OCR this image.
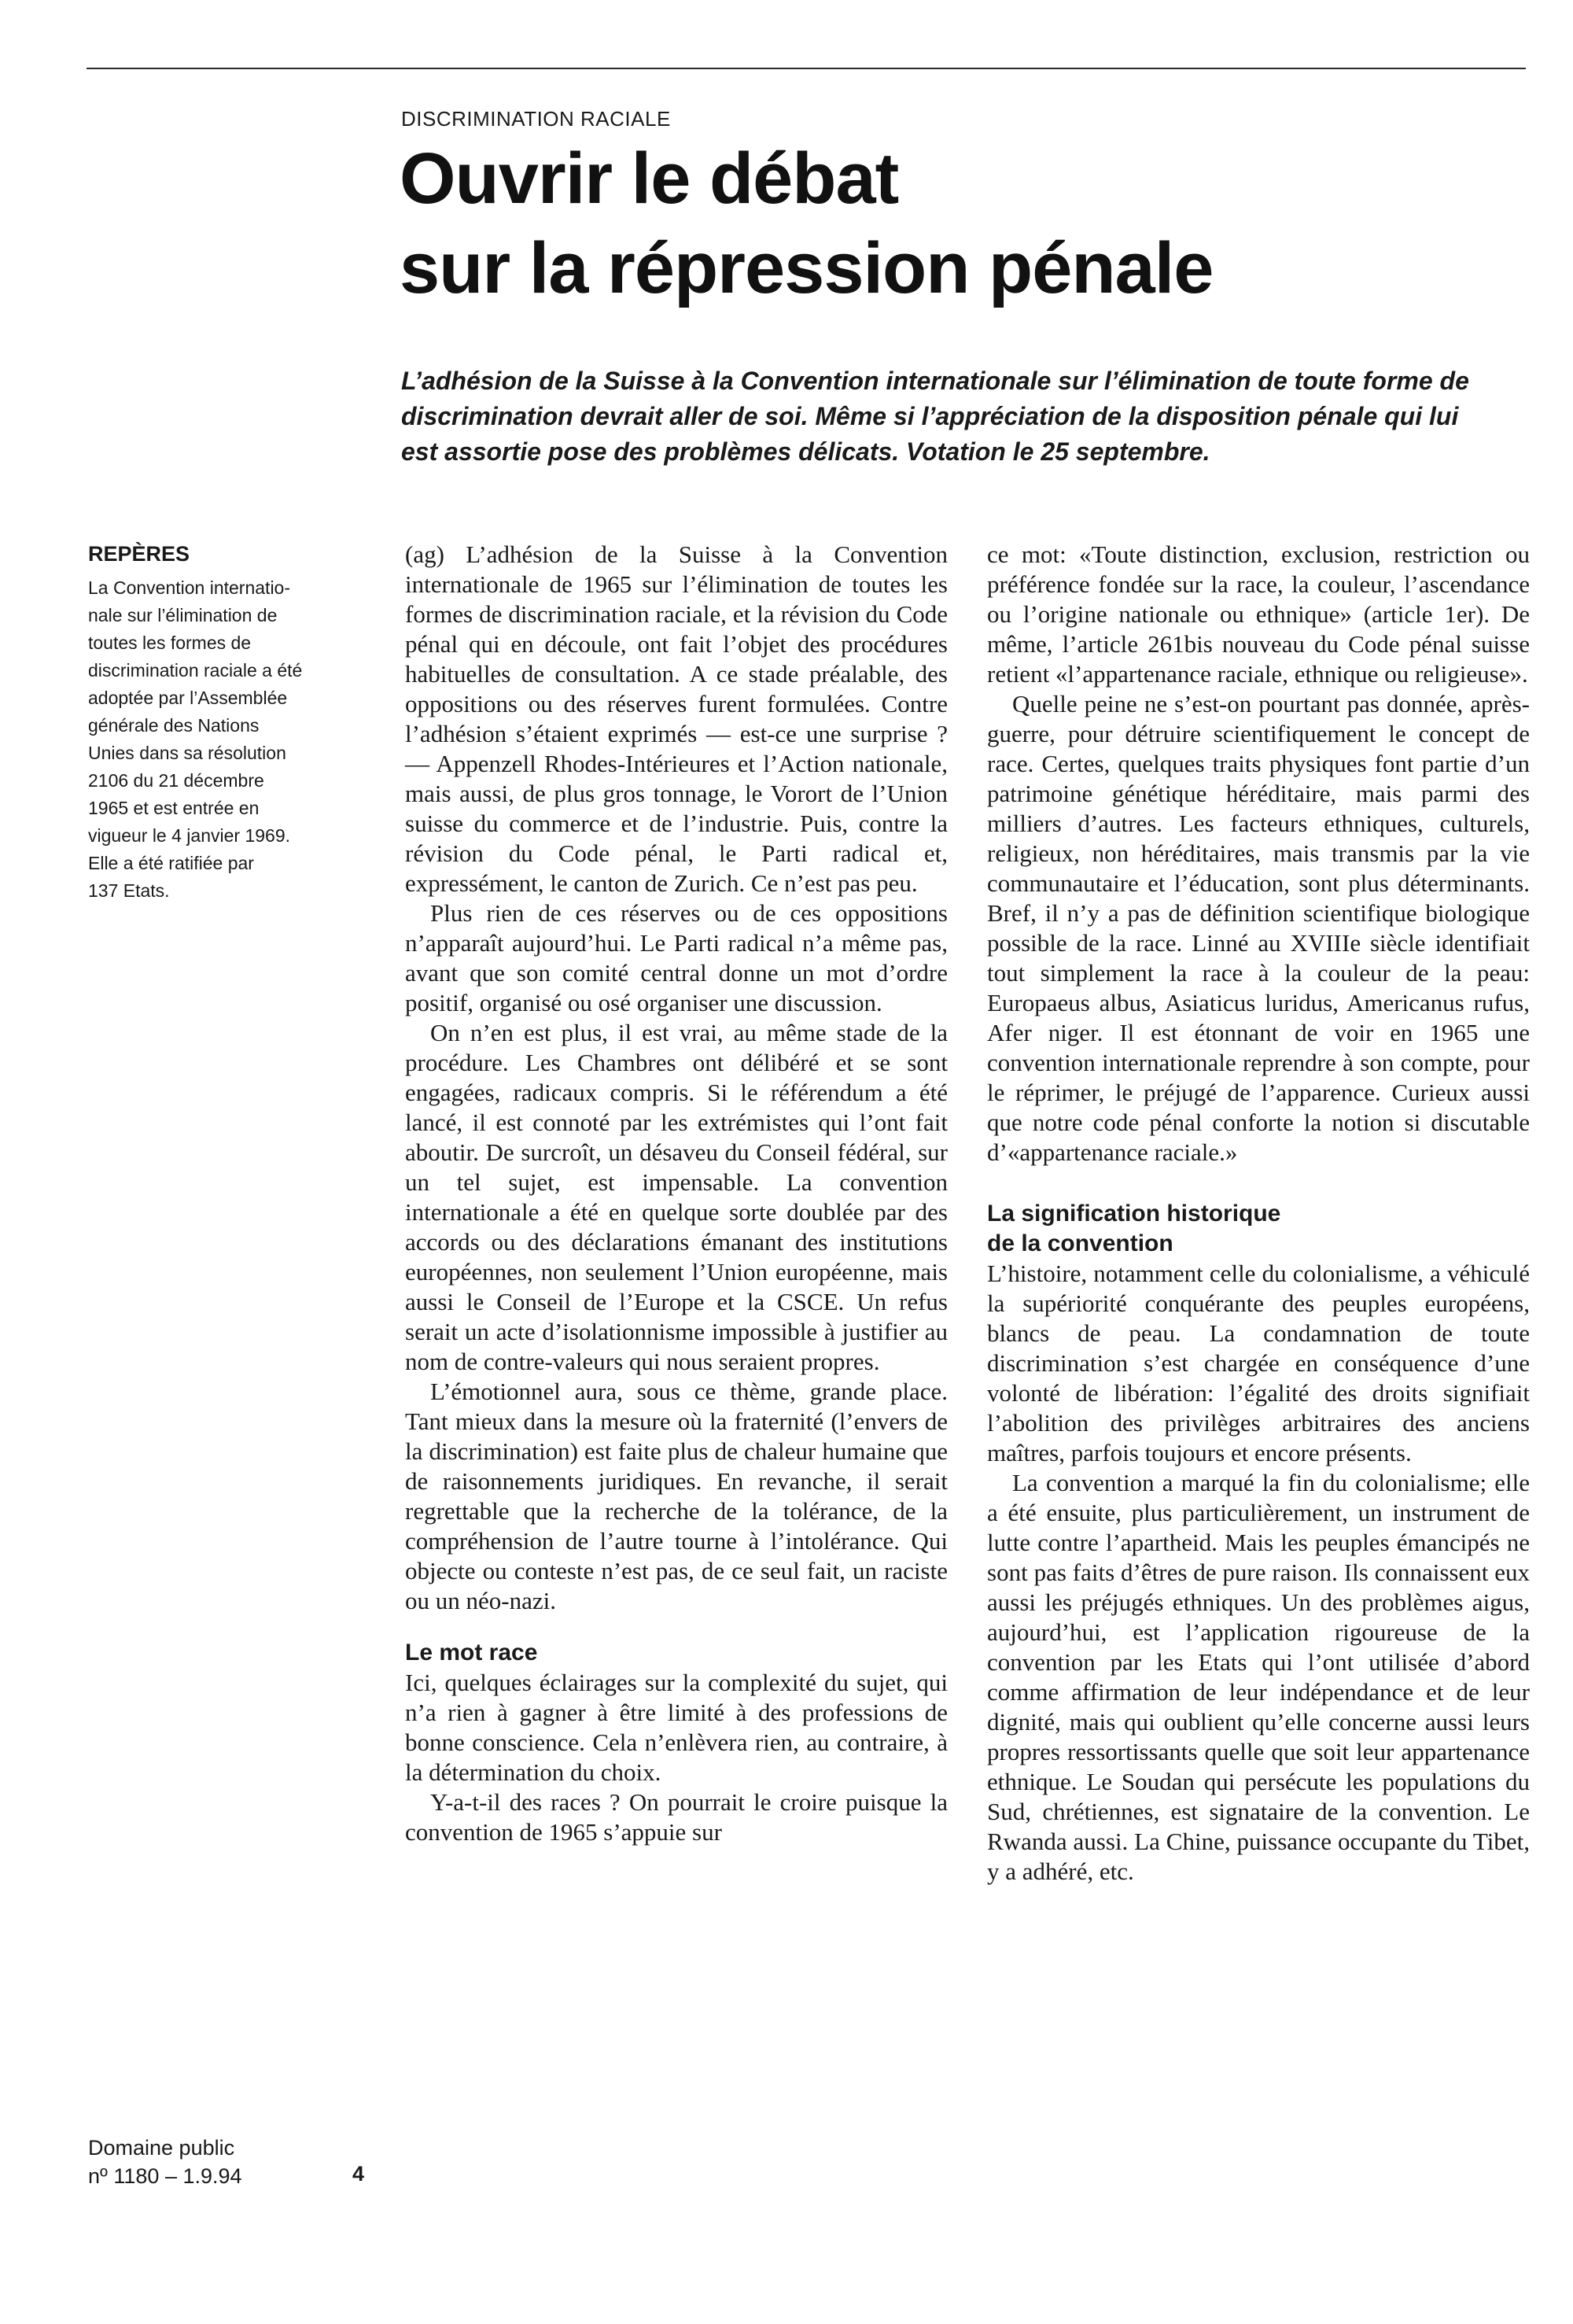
DISCRIMINATION RACIALE
Ouvrir le débat
sur la répression pénale
L’adhésion de la Suisse à la Convention internationale sur l’élimination de toute forme de
discrimination devrait aller de soi. Même si l’appréciation de la disposition pénale qui lui
est assortie pose des problèmes délicats. Votation le 25 septembre.
REPÈRES
La Convention internatio-
nale sur l’élimination de
toutes les formes de
discrimination raciale a été
adoptée par l’Assemblée
générale des Nations
Unies dans sa résolution
2106 du 21 décembre
1965 et est entrée en
vigueur le 4 janvier 1969.
Elle a été ratifiée par
137 Etats.

(ag) L’adhésion de la Suisse à la Convention internationale de 1965 sur l’élimination de toutes les formes de discrimination raciale, et la révision du Code pénal qui en découle, ont fait l’objet des procédures habituelles de consultation. A ce stade préalable, des oppositions ou des réserves furent formulées. Contre l’adhésion s’étaient exprimés — est-ce une surprise ? — Appenzell Rhodes-Intérieures et l’Action nationale, mais aussi, de plus gros tonnage, le Vorort de l’Union suisse du commerce et de l’industrie. Puis, contre la révision du Code pénal, le Parti radical et, expressément, le canton de Zurich. Ce n’est pas peu.

Plus rien de ces réserves ou de ces oppositions n’apparaît aujourd’hui. Le Parti radical n’a même pas, avant que son comité central donne un mot d’ordre positif, organisé ou osé organiser une discussion.

On n’en est plus, il est vrai, au même stade de la procédure. Les Chambres ont délibéré et se sont engagées, radicaux compris. Si le référendum a été lancé, il est connoté par les extrémistes qui l’ont fait aboutir. De surcroît, un désaveu du Conseil fédéral, sur un tel sujet, est impensable. La convention internationale a été en quelque sorte doublée par des accords ou des déclarations émanant des institutions européennes, non seulement l’Union européenne, mais aussi le Conseil de l’Europe et la CSCE. Un refus serait un acte d’isolationnisme impossible à justifier au nom de contre-valeurs qui nous seraient propres.

L’émotionnel aura, sous ce thème, grande place. Tant mieux dans la mesure où la fraternité (l’envers de la discrimination) est faite plus de chaleur humaine que de raisonnements juridiques. En revanche, il serait regrettable que la recherche de la tolérance, de la compréhension de l’autre tourne à l’intolérance. Qui objecte ou conteste n’est pas, de ce seul fait, un raciste ou un néo-nazi.

Le mot race

Ici, quelques éclairages sur la complexité du sujet, qui n’a rien à gagner à être limité à des professions de bonne conscience. Cela n’enlèvera rien, au contraire, à la détermination du choix.

Y-a-t-il des races ? On pourrait le croire puisque la convention de 1965 s’appuie sur

ce mot: «Toute distinction, exclusion, restriction ou préférence fondée sur la race, la couleur, l’ascendance ou l’origine nationale ou ethnique» (article 1er). De même, l’article 261bis nouveau du Code pénal suisse retient «l’appartenance raciale, ethnique ou religieuse».

Quelle peine ne s’est-on pourtant pas donnée, après-guerre, pour détruire scientifiquement le concept de race. Certes, quelques traits physiques font partie d’un patrimoine génétique héréditaire, mais parmi des milliers d’autres. Les facteurs ethniques, culturels, religieux, non héréditaires, mais transmis par la vie communautaire et l’éducation, sont plus déterminants. Bref, il n’y a pas de définition scientifique biologique possible de la race. Linné au XVIIIe siècle identifiait tout simplement la race à la couleur de la peau: Europaeus albus, Asiaticus luridus, Americanus rufus, Afer niger. Il est étonnant de voir en 1965 une convention internationale reprendre à son compte, pour le réprimer, le préjugé de l’apparence. Curieux aussi que notre code pénal conforte la notion si discutable d’«appartenance raciale.»

La signification historique
de la convention

L’histoire, notamment celle du colonialisme, a véhiculé la supériorité conquérante des peuples européens, blancs de peau. La condamnation de toute discrimination s’est chargée en conséquence d’une volonté de libération: l’égalité des droits signifiait l’abolition des privilèges arbitraires des anciens maîtres, parfois toujours et encore présents.

La convention a marqué la fin du colonialisme; elle a été ensuite, plus particulièrement, un instrument de lutte contre l’apartheid. Mais les peuples émancipés ne sont pas faits d’êtres de pure raison. Ils connaissent eux aussi les préjugés ethniques. Un des problèmes aigus, aujourd’hui, est l’application rigoureuse de la convention par les Etats qui l’ont utilisée d’abord comme affirmation de leur indépendance et de leur dignité, mais qui oublient qu’elle concerne aussi leurs propres ressortissants quelle que soit leur appartenance ethnique. Le Soudan qui persécute les populations du Sud, chrétiennes, est signataire de la convention. Le Rwanda aussi. La Chine, puissance occupante du Tibet, y a adhéré, etc.

Domaine public
nº 1180 – 1.9.94	4
